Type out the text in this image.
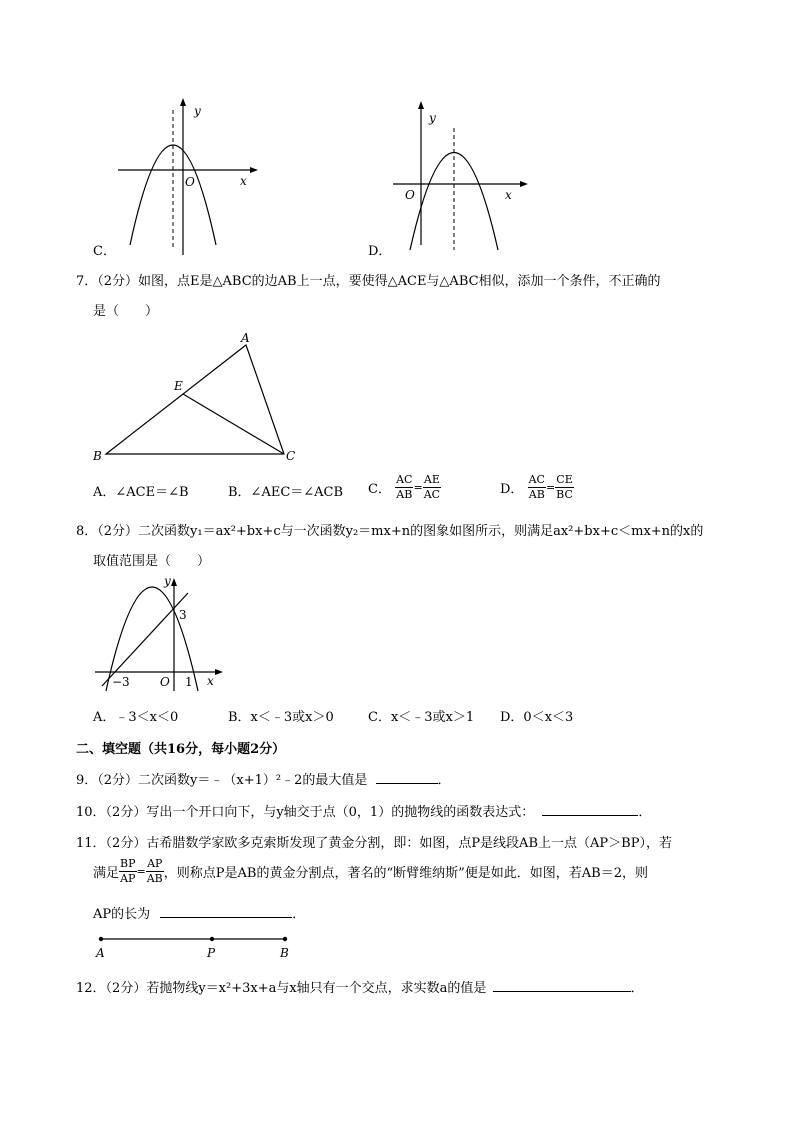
y
x
O
C．
y
x
O
D．
7．（2分）如图，点E是△ABC的边AB上一点，要使得△ACE与△ABC相似，添加一个条件，不正确的
是（　　）
A
B	C
E
A．∠ACE＝∠B	B．∠AEC＝∠ACB C． $\frac{AC}{AB} = \frac{AE}{AC}$	D． $\frac{AC}{AB} = \frac{CE}{BC}$
8．（2分）二次函数y₁＝ax²+bx+c与一次函数y₂＝mx+n的图象如图所示，则满足ax²+bx+c＜mx+n的x的
取值范围是（　　）
y
x
O
−3	1
3
A．﹣3＜x＜0	B．x＜﹣3或x＞0	C．x＜﹣3或x＞1 D．0＜x＜3
二、填空题（共16分，每小题2分）
9．（2分）二次函数y＝﹣（x+1）²﹣2的最大值是	．
10．（2分）写出一个开口向下，与y轴交于点（0，1）的抛物线的函数表达式：	．
11．（2分）古希腊数学家欧多克索斯发现了黄金分割，即：如图，点P是线段AB上一点（AP＞BP），若
满足 $\frac{BP}{AP} = \frac{AP}{AB}$ ，则称点P是AB的黄金分割点，著名的“断臂维纳斯”便是如此．如图，若AB＝2，则
AP的长为	．
A	P	B
12．（2分）若抛物线y＝x²+3x+a与x轴只有一个交点，求实数a的值是	．
